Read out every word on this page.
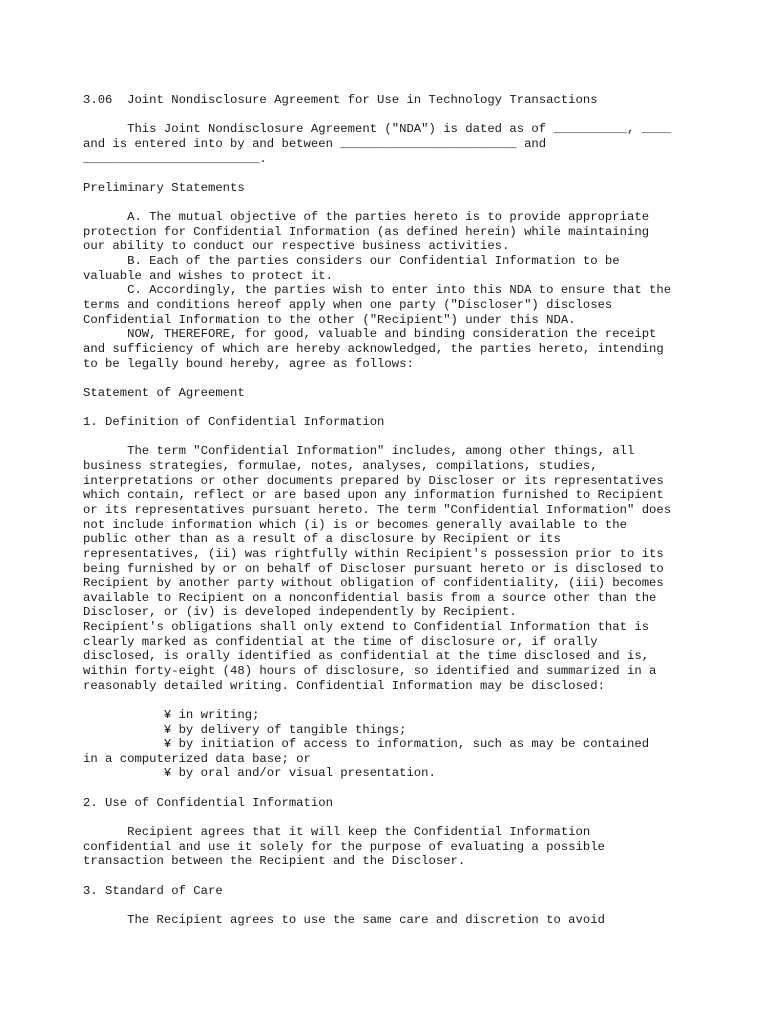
3.06  Joint Nondisclosure Agreement for Use in Technology Transactions
This Joint Nondisclosure Agreement ("NDA") is dated as of __________, ____
and is entered into by and between ________________________ and
________________________.
Preliminary Statements
A. The mutual objective of the parties hereto is to provide appropriate
protection for Confidential Information (as defined herein) while maintaining
our ability to conduct our respective business activities.
B. Each of the parties considers our Confidential Information to be
valuable and wishes to protect it.
C. Accordingly, the parties wish to enter into this NDA to ensure that the
terms and conditions hereof apply when one party ("Discloser") discloses
Confidential Information to the other ("Recipient") under this NDA.
NOW, THEREFORE, for good, valuable and binding consideration the receipt
and sufficiency of which are hereby acknowledged, the parties hereto, intending
to be legally bound hereby, agree as follows:
Statement of Agreement
1. Definition of Confidential Information
The term "Confidential Information" includes, among other things, all
business strategies, formulae, notes, analyses, compilations, studies,
interpretations or other documents prepared by Discloser or its representatives
which contain, reflect or are based upon any information furnished to Recipient
or its representatives pursuant hereto. The term "Confidential Information" does
not include information which (i) is or becomes generally available to the
public other than as a result of a disclosure by Recipient or its
representatives, (ii) was rightfully within Recipient's possession prior to its
being furnished by or on behalf of Discloser pursuant hereto or is disclosed to
Recipient by another party without obligation of confidentiality, (iii) becomes
available to Recipient on a nonconfidential basis from a source other than the
Discloser, or (iv) is developed independently by Recipient.
Recipient's obligations shall only extend to Confidential Information that is
clearly marked as confidential at the time of disclosure or, if orally
disclosed, is orally identified as confidential at the time disclosed and is,
within forty-eight (48) hours of disclosure, so identified and summarized in a
reasonably detailed writing. Confidential Information may be disclosed:
¥ in writing;
¥ by delivery of tangible things;
¥ by initiation of access to information, such as may be contained
in a computerized data base; or
¥ by oral and/or visual presentation.
2. Use of Confidential Information
Recipient agrees that it will keep the Confidential Information
confidential and use it solely for the purpose of evaluating a possible
transaction between the Recipient and the Discloser.
3. Standard of Care
The Recipient agrees to use the same care and discretion to avoid
